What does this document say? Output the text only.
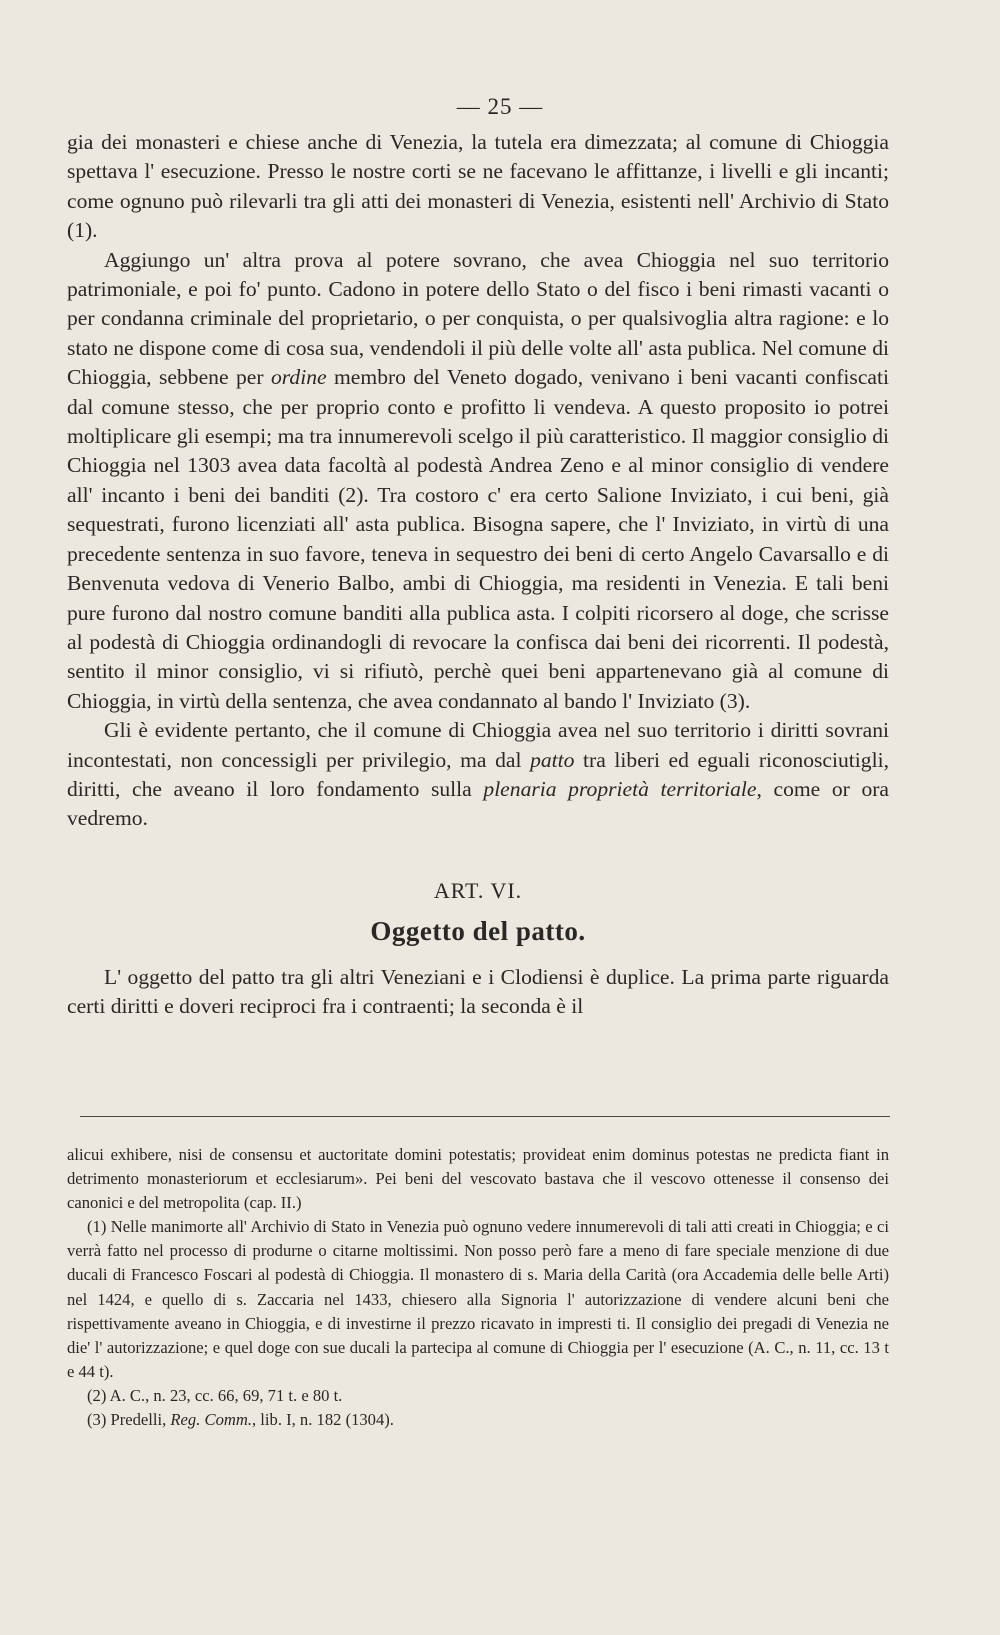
— 25 —

gia dei monasteri e chiese anche di Venezia, la tutela era dimezzata; al comune di Chioggia spettava l' esecuzione. Presso le nostre corti se ne facevano le affittanze, i livelli e gli incanti; come ognuno può rilevarli tra gli atti dei monasteri di Venezia, esistenti nell' Archivio di Stato (1).

Aggiungo un' altra prova al potere sovrano, che avea Chioggia nel suo territorio patrimoniale, e poi fo' punto. Cadono in potere dello Stato o del fisco i beni rimasti vacanti o per condanna criminale del proprietario, o per conquista, o per qualsivoglia altra ragione: e lo stato ne dispone come di cosa sua, vendendoli il più delle volte all' asta publica. Nel comune di Chioggia, sebbene per ordine membro del Veneto dogado, venivano i beni vacanti confiscati dal comune stesso, che per proprio conto e profitto li vendeva. A questo proposito io potrei moltiplicare gli esempi; ma tra innumerevoli scelgo il più caratteristico. Il maggior consiglio di Chioggia nel 1303 avea data facoltà al podestà Andrea Zeno e al minor consiglio di vendere all' incanto i beni dei banditi (2). Tra costoro c' era certo Salione Inviziato, i cui beni, già sequestrati, furono licenziati all' asta publica. Bisogna sapere, che l' Inviziato, in virtù di una precedente sentenza in suo favore, teneva in sequestro dei beni di certo Angelo Cavarsallo e di Benvenuta vedova di Venerio Balbo, ambi di Chioggia, ma residenti in Venezia. E tali beni pure furono dal nostro comune banditi alla publica asta. I colpiti ricorsero al doge, che scrisse al podestà di Chioggia ordinandogli di revocare la confisca dai beni dei ricorrenti. Il podestà, sentito il minor consiglio, vi si rifiutò, perchè quei beni appartenevano già al comune di Chioggia, in virtù della sentenza, che avea condannato al bando l' Inviziato (3).

Gli è evidente pertanto, che il comune di Chioggia avea nel suo territorio i diritti sovrani incontestati, non concessigli per privilegio, ma dal patto tra liberi ed eguali riconosciutigli, diritti, che aveano il loro fondamento sulla plenaria proprietà territoriale, come or ora vedremo.

ART. VI.
Oggetto del patto.

L' oggetto del patto tra gli altri Veneziani e i Clodiensi è duplice. La prima parte riguarda certi diritti e doveri reciproci fra i contraenti; la seconda è il

alicui exhibere, nisi de consensu et auctoritate domini potestatis; provideat enim dominus potestas ne predicta fiant in detrimento monasteriorum et ecclesiarum». Pei beni del vescovato bastava che il vescovo ottenesse il consenso dei canonici e del metropolita (cap. II.)

(1) Nelle manimorte all' Archivio di Stato in Venezia può ognuno vedere innumerevoli di tali atti creati in Chioggia; e ci verrà fatto nel processo di produrne o citarne moltissimi. Non posso però fare a meno di fare speciale menzione di due ducali di Francesco Foscari al podestà di Chioggia. Il monastero di s. Maria della Carità (ora Accademia delle belle Arti) nel 1424, e quello di s. Zaccaria nel 1433, chiesero alla Signoria l' autorizzazione di vendere alcuni beni che rispettivamente aveano in Chioggia, e di investirne il prezzo ricavato in impresti ti. Il consiglio dei pregadi di Venezia ne die' l' autorizzazione; e quel doge con sue ducali la partecipa al comune di Chioggia per l' esecuzione (A. C., n. 11, cc. 13 t e 44 t).

(2) A. C., n. 23, cc. 66, 69, 71 t. e 80 t.

(3) Predelli, Reg. Comm., lib. I, n. 182 (1304).
